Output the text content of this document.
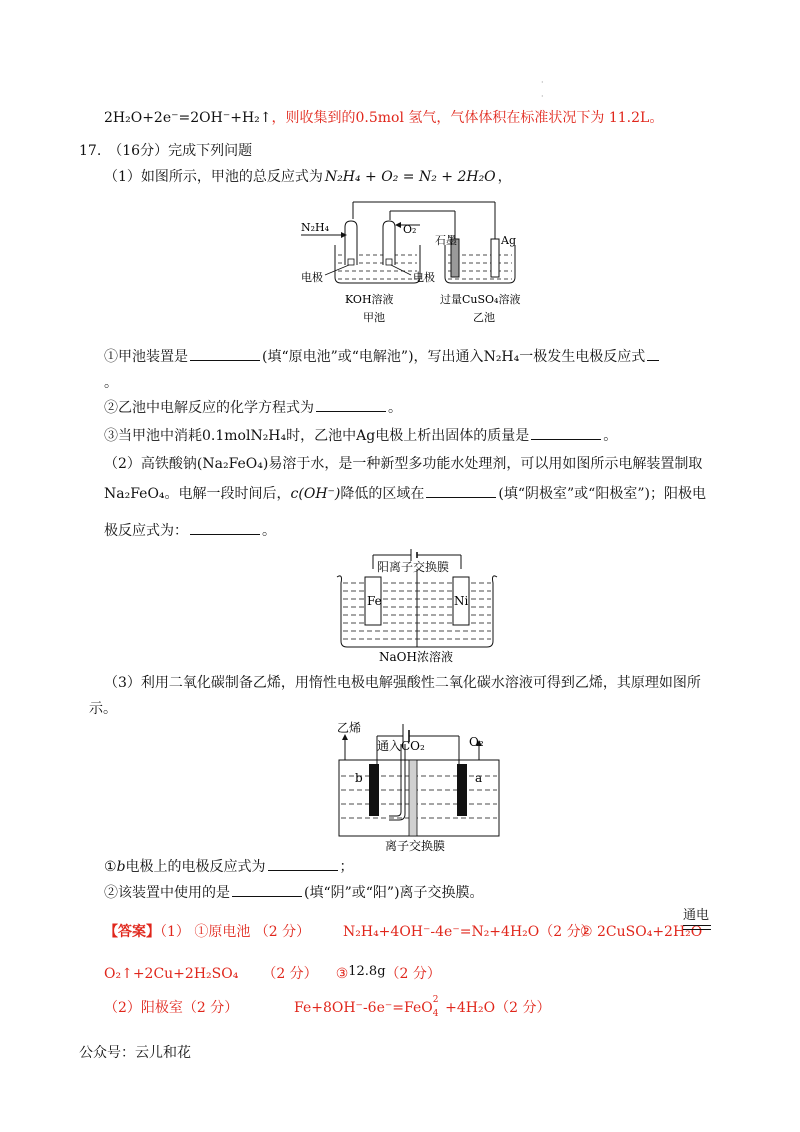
·
·
2H₂O+2e⁻=2OH⁻+H₂↑，则收集到的0.5mol 氢气，气体体积在标准状况下为 11.2L。
17.　（16分）完成下列问题
（1）如图所示，甲池的总反应式为 N₂H₄ + O₂ = N₂ + 2H₂O ，
N₂H₄	O₂
电极	电极
KOH溶液
甲池
石墨	Ag
过量CuSO₄溶液
乙池
①甲池装置是	(填“原电池”或“电解池”)，写出通入N₂H₄一极发生电极反应式
。
②乙池中电解反应的化学方程式为	。
③当甲池中消耗0.1molN₂H₄时，乙池中Ag电极上析出固体的质量是	。
（2）高铁酸钠(Na₂FeO₄)易溶于水，是一种新型多功能水处理剂，可以用如图所示电解装置制取
Na₂FeO₄。电解一段时间后，c(OH⁻)降低的区域在	(填“阴极室”或“阳极室”)；阳极电
极反应式为：	。
阳离子交换膜
Fe	Ni
NaOH浓溶液
（3）利用二氧化碳制备乙烯，用惰性电极电解强酸性二氧化碳水溶液可得到乙烯，其原理如图所
示。
乙烯
通入CO₂	O₂
b	a
离子交换膜
①b电极上的电极反应式为	；
②该装置中使用的是	(填“阴”或“阳”)离子交换膜。
【答案】（1） ①原电池 （2 分） N₂H₄+4OH⁻-4e⁻=N₂+4H₂O（2 分）
② 2CuSO₄+2H₂O
通电
O₂↑+2Cu+2H₂SO₄ （2 分） ③12.8g（2 分）
（2）阳极室（2 分）	Fe+8OH⁻-6e⁻=FeO 2
4 +4H₂O（2 分）
公众号：云儿和花
